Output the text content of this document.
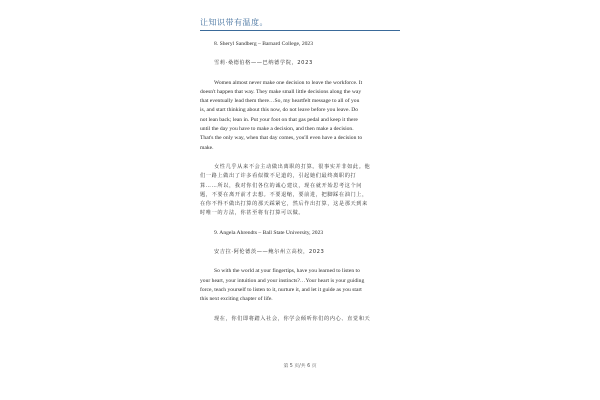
让知识带有温度。
8. Sheryl Sandberg – Barnard College, 2023
雪莉·桑德伯格——巴纳德学院，2023
Women almost never make one decision to leave the workforce. It
doesn't happen that way. They make small little decisions along the way
that eventually lead them there…So, my heartfelt message to all of you
is, and start thinking about this now, do not leave before you leave. Do
not lean back; lean in. Put your foot on that gas pedal and keep it there
until the day you have to make a decision, and then make a decision.
That's the only way, when that day comes, you'll even have a decision to
make.
女性几乎从来不会主动做出离职的打算。很事实并非如此。他
们一路上做出了许多看似微不足道的，引起她们最终离职的打
算……所以，我对你们各位的诚心建议，现在就开始思考这个问
题，不要在离开前才去想。不要退缩，要前进，把脚踩在油门上，
在你不得不做出打算的那天踩紧它，然后作出打算，这是那天到来
时唯一的方法，你甚至将有打算可以做。
9. Angela Ahrendts – Ball State University, 2023
安吉拉·阿伦德茨——鲍尔州立高校，2023
So with the world at your fingertips, have you learned to listen to
your heart, your intuition and your instincts?…Your heart is your guiding
force, teach yourself to listen to it, nurture it, and let it guide as you start
this next exciting chapter of life.
现在，你们即将踏入社会，你学会倾听你们的内心、直觉和天
第 5 页/共 6 页
